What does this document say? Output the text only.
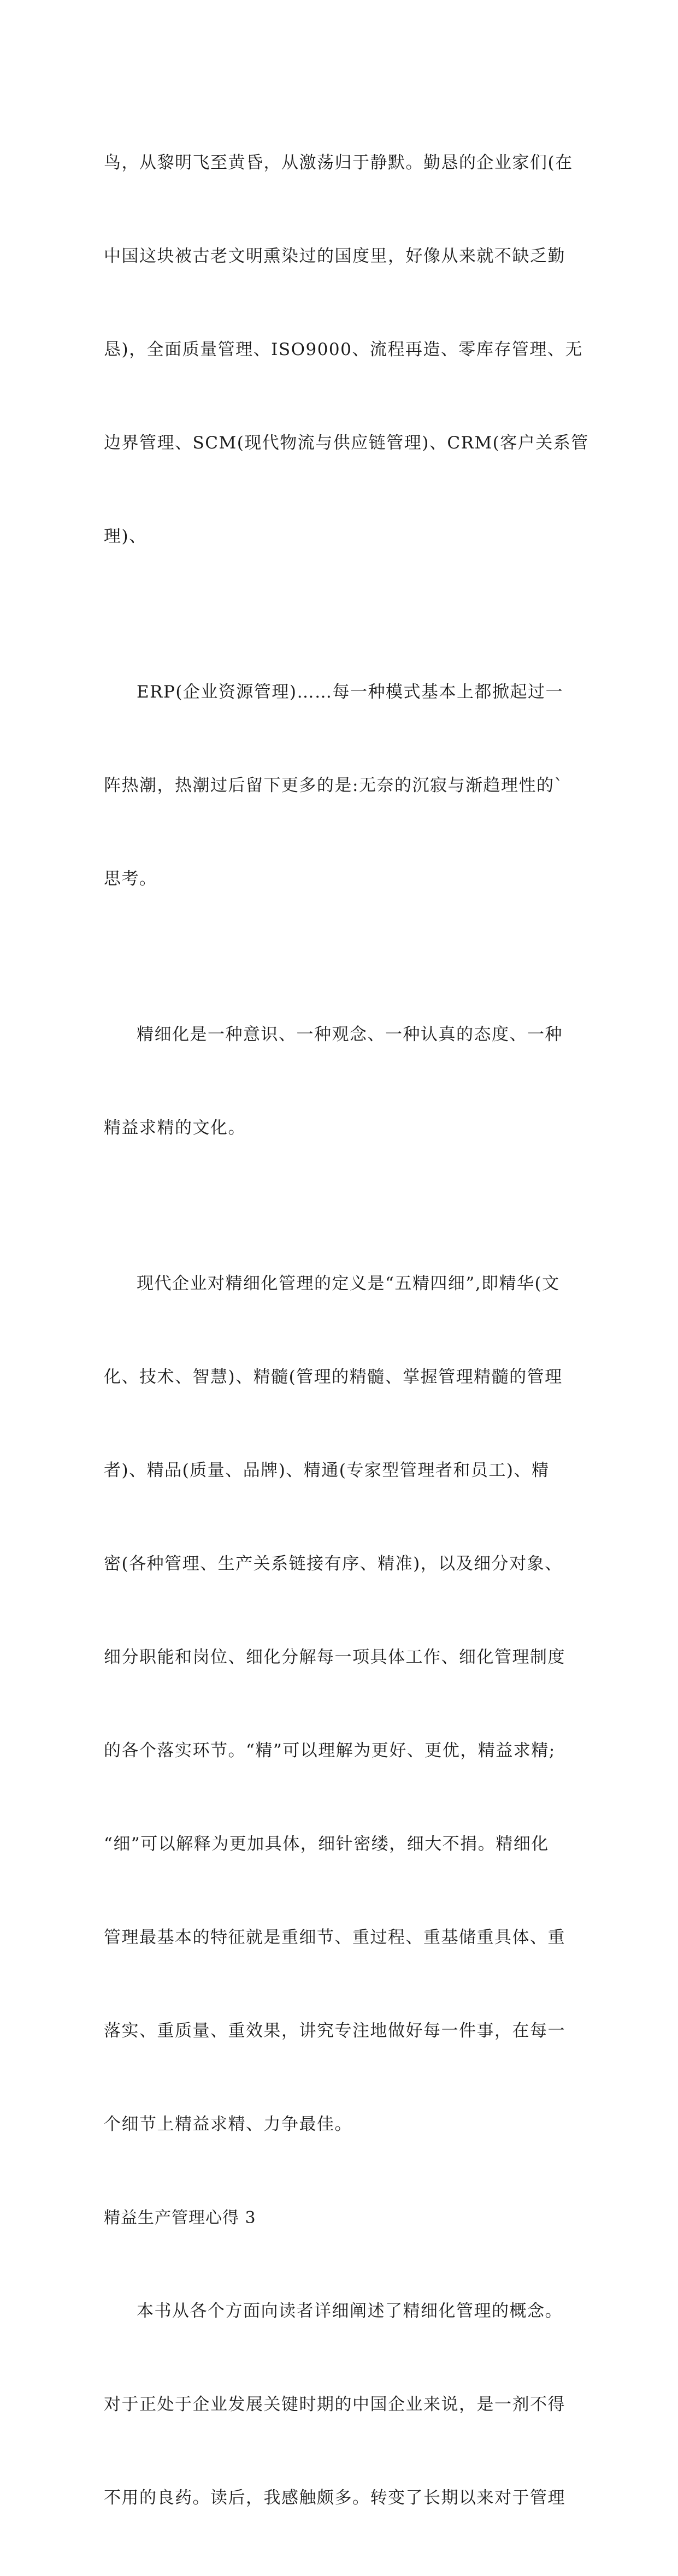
鸟，从黎明飞至黄昏，从激荡归于静默。勤恳的企业家们(在

中国这块被古老文明熏染过的国度里，好像从来就不缺乏勤

恳)，全面质量管理、ISO9000、流程再造、零库存管理、无

边界管理、SCM(现代物流与供应链管理)、CRM(客户关系管

理)、

ERP(企业资源管理)……每一种模式基本上都掀起过一

阵热潮，热潮过后留下更多的是:无奈的沉寂与渐趋理性的`

思考。

精细化是一种意识、一种观念、一种认真的态度、一种

精益求精的文化。

现代企业对精细化管理的定义是“五精四细”,即精华(文

化、技术、智慧)、精髓(管理的精髓、掌握管理精髓的管理

者)、精品(质量、品牌)、精通(专家型管理者和员工)、精

密(各种管理、生产关系链接有序、精准)，以及细分对象、

细分职能和岗位、细化分解每一项具体工作、细化管理制度

的各个落实环节。“精”可以理解为更好、更优，精益求精;

“细”可以解释为更加具体，细针密缕，细大不捐。精细化

管理最基本的特征就是重细节、重过程、重基储重具体、重

落实、重质量、重效果，讲究专注地做好每一件事，在每一

个细节上精益求精、力争最佳。

精益生产管理心得 3

本书从各个方面向读者详细阐述了精细化管理的概念。

对于正处于企业发展关键时期的中国企业来说，是一剂不得

不用的良药。读后，我感触颇多。转变了长期以来对于管理
